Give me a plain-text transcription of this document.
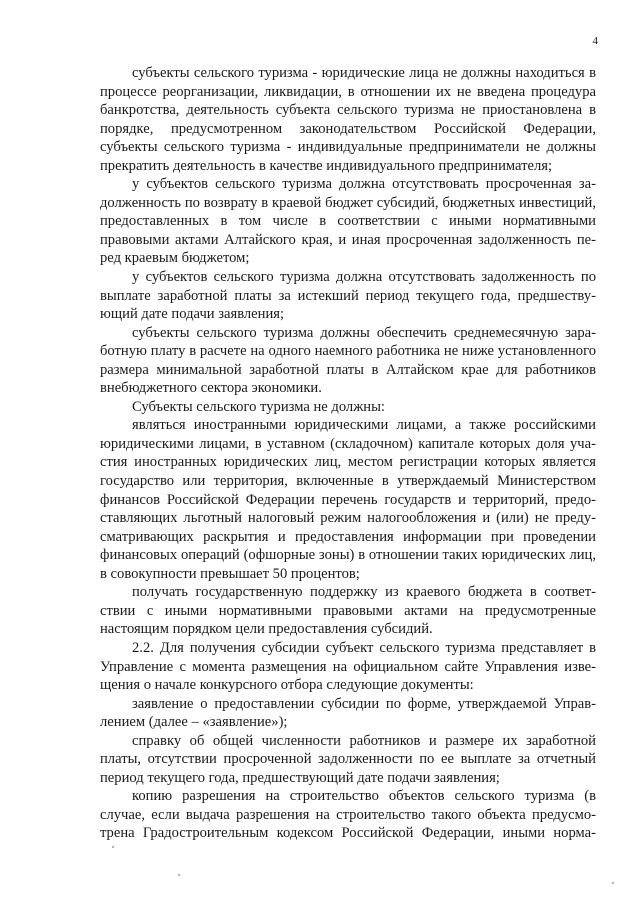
4

субъекты сельского туризма - юридические лица не должны находиться в процессе реорганизации, ликвидации, в отношении их не введена процедура банкротства, деятельность субъекта сельского туризма не приостановлена в порядке, предусмотренном законодательством Российской Федерации, субъекты сельского туризма - индивидуальные предприниматели не должны прекратить деятельность в качестве индивидуального предпринимателя;

у субъектов сельского туризма должна отсутствовать просроченная задолженность по возврату в краевой бюджет субсидий, бюджетных инвестиций, предоставленных в том числе в соответствии с иными нормативными правовыми актами Алтайского края, и иная просроченная задолженность перед краевым бюджетом;

у субъектов сельского туризма должна отсутствовать задолженность по выплате заработной платы за истекший период текущего года, предшествующий дате подачи заявления;

субъекты сельского туризма должны обеспечить среднемесячную заработную плату в расчете на одного наемного работника не ниже установленного размера минимальной заработной платы в Алтайском крае для работников внебюджетного сектора экономики.

Субъекты сельского туризма не должны:

являться иностранными юридическими лицами, а также российскими юридическими лицами, в уставном (складочном) капитале которых доля участия иностранных юридических лиц, местом регистрации которых является государство или территория, включенные в утверждаемый Министерством финансов Российской Федерации перечень государств и территорий, предоставляющих льготный налоговый режим налогообложения и (или) не предусматривающих раскрытия и предоставления информации при проведении финансовых операций (офшорные зоны) в отношении таких юридических лиц, в совокупности превышает 50 процентов;

получать государственную поддержку из краевого бюджета в соответствии с иными нормативными правовыми актами на предусмотренные настоящим порядком цели предоставления субсидий.

2.2. Для получения субсидии субъект сельского туризма представляет в Управление с момента размещения на официальном сайте Управления извещения о начале конкурсного отбора следующие документы:

заявление о предоставлении субсидии по форме, утверждаемой Управлением (далее – «заявление»);

справку об общей численности работников и размере их заработной платы, отсутствии просроченной задолженности по ее выплате за отчетный период текущего года, предшествующий дате подачи заявления;

копию разрешения на строительство объектов сельского туризма (в случае, если выдача разрешения на строительство такого объекта предусмотрена Градостроительным кодексом Российской Федерации, иными норма-
